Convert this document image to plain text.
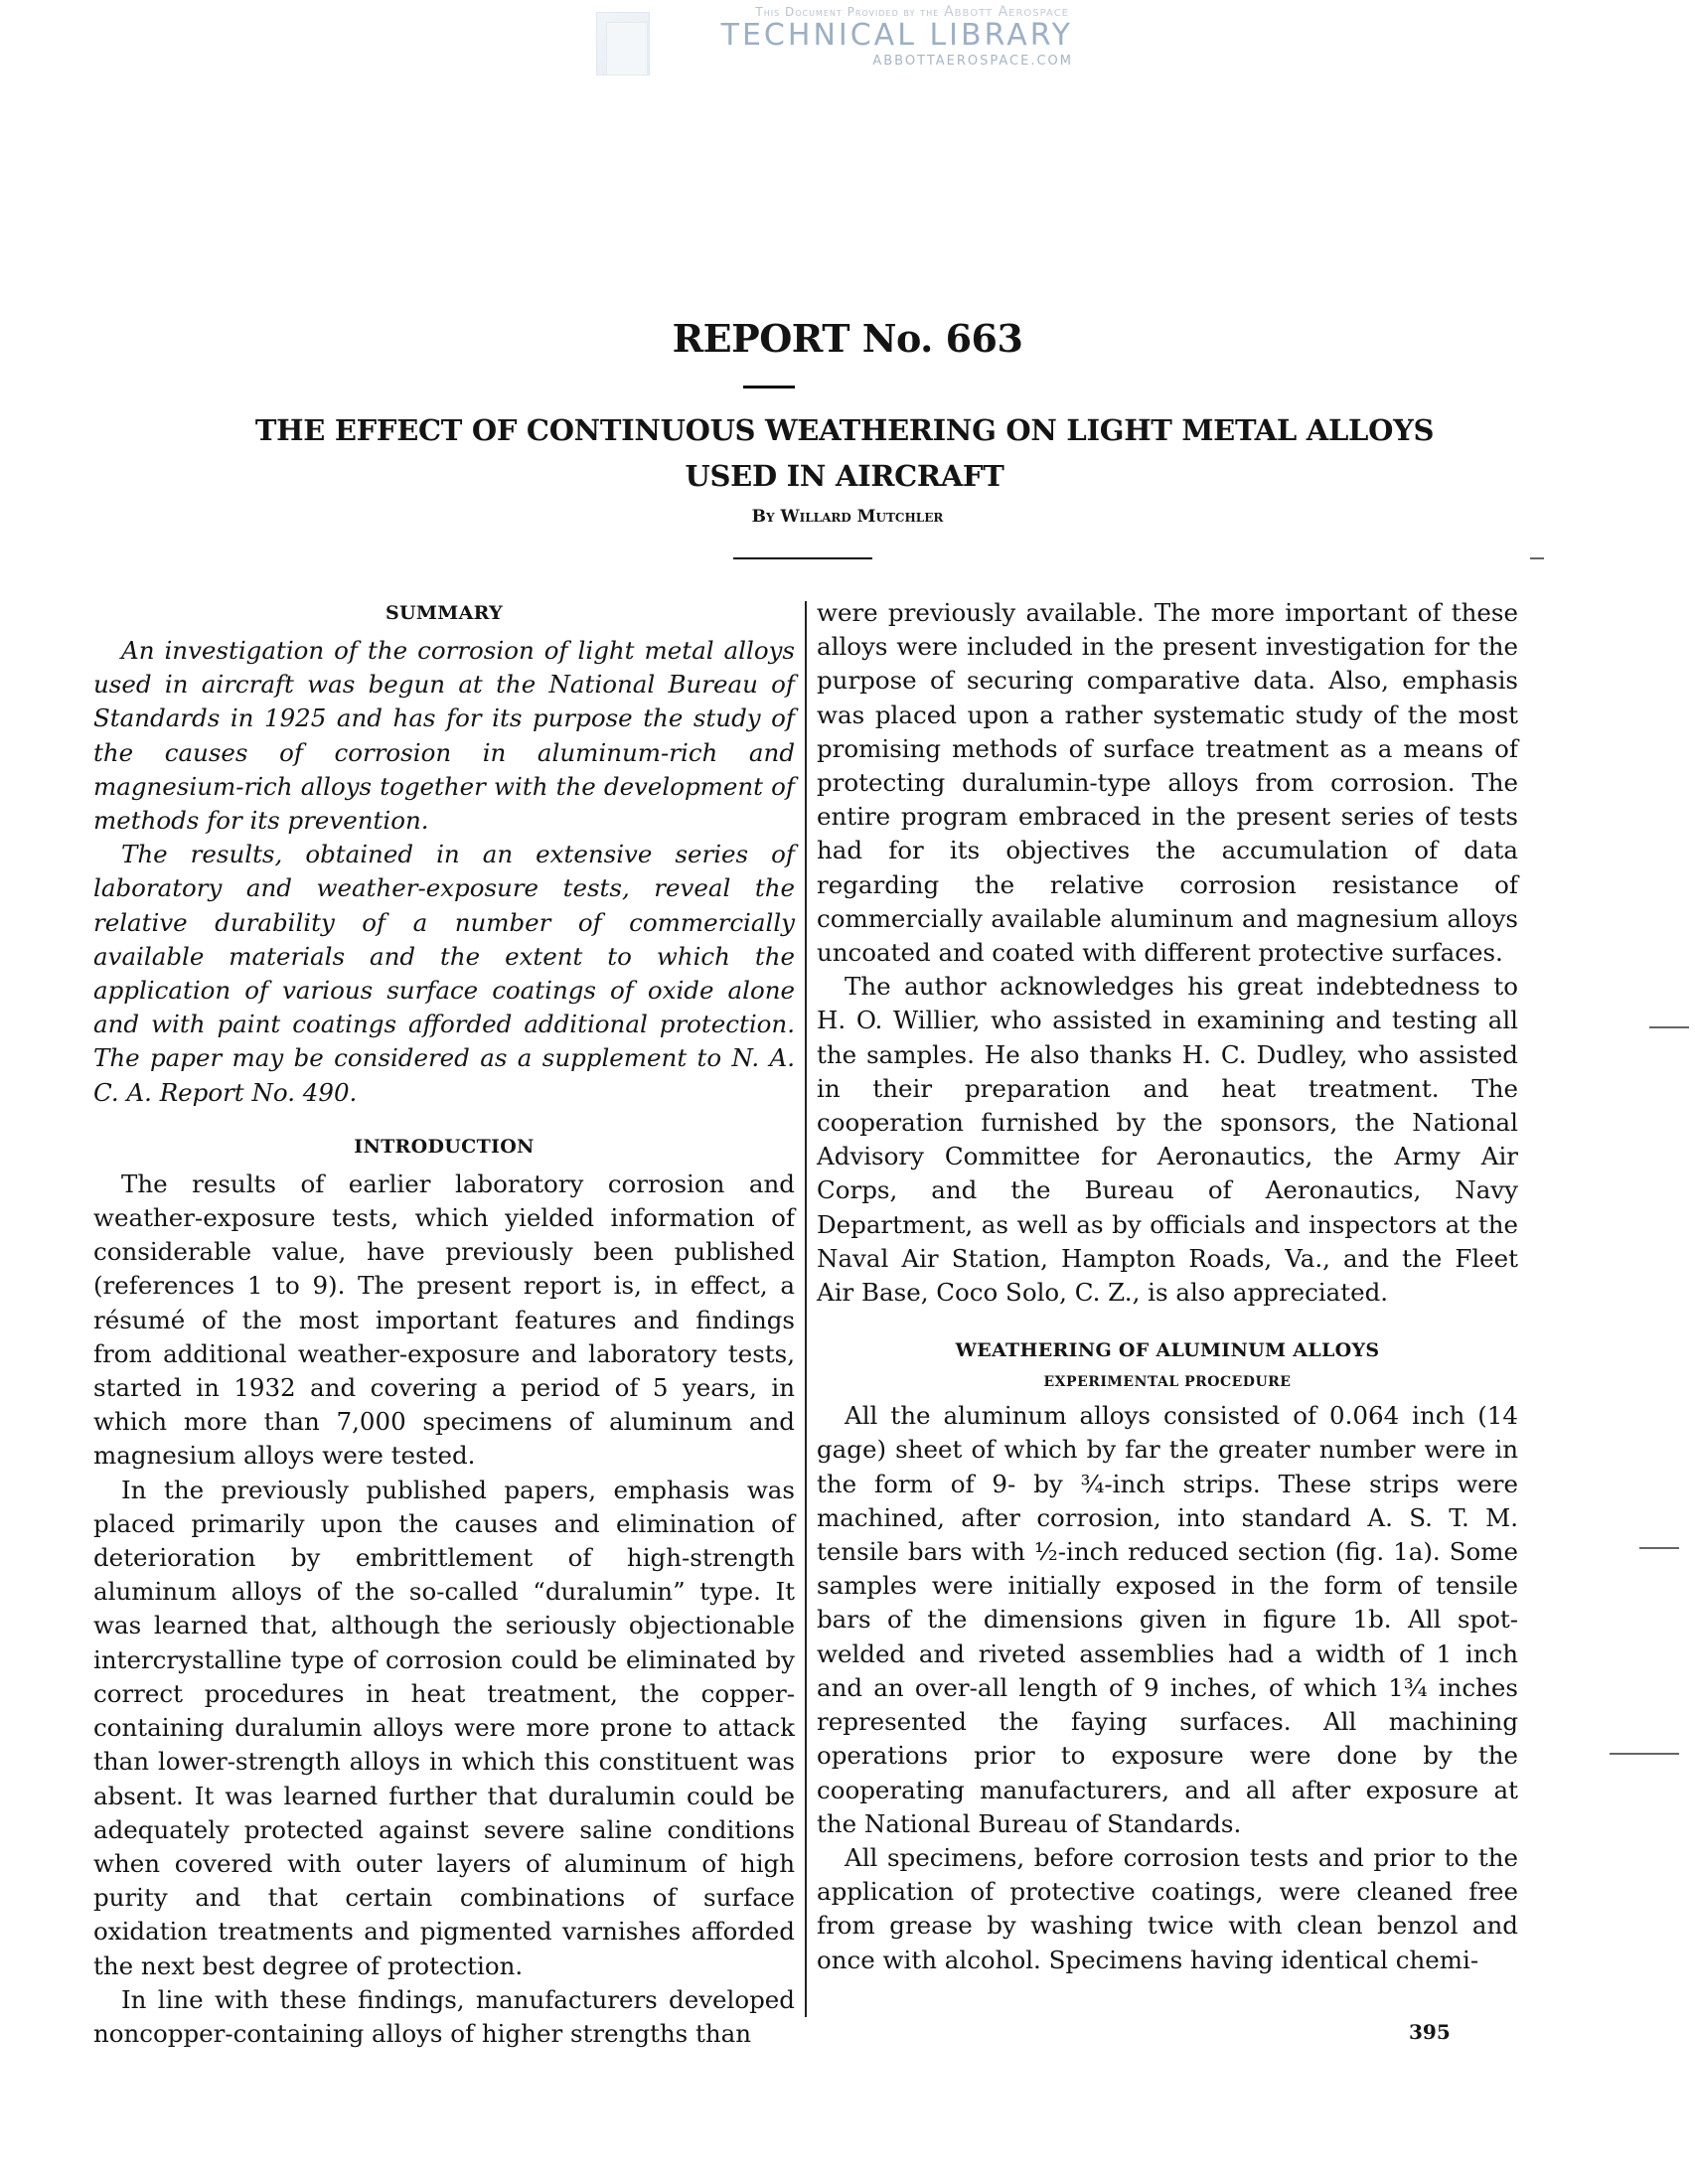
This Document Provided by the Abbott Aerospace
TECHNICAL LIBRARY
ABBOTTAEROSPACE.COM
REPORT No. 663
THE EFFECT OF CONTINUOUS WEATHERING ON LIGHT METAL ALLOYS
USED IN AIRCRAFT
By Willard Mutchler
SUMMARY

An investigation of the corrosion of light metal alloys used in aircraft was begun at the National Bureau of Standards in 1925 and has for its purpose the study of the causes of corrosion in aluminum-rich and magnesium-rich alloys together with the development of methods for its prevention.

The results, obtained in an extensive series of laboratory and weather-exposure tests, reveal the relative durability of a number of commercially available materials and the extent to which the application of various surface coatings of oxide alone and with paint coatings afforded additional protection. The paper may be considered as a supplement to N. A. C. A. Report No. 490.

INTRODUCTION

The results of earlier laboratory corrosion and weather-exposure tests, which yielded information of considerable value, have previously been published (references 1 to 9). The present report is, in effect, a résumé of the most important features and findings from additional weather-exposure and laboratory tests, started in 1932 and covering a period of 5 years, in which more than 7,000 specimens of aluminum and magnesium alloys were tested.

In the previously published papers, emphasis was placed primarily upon the causes and elimination of deterioration by embrittlement of high-strength aluminum alloys of the so-called “duralumin” type. It was learned that, although the seriously objectionable intercrystalline type of corrosion could be eliminated by correct procedures in heat treatment, the copper-containing duralumin alloys were more prone to attack than lower-strength alloys in which this constituent was absent. It was learned further that duralumin could be adequately protected against severe saline conditions when covered with outer layers of aluminum of high purity and that certain combinations of surface oxidation treatments and pigmented varnishes afforded the next best degree of protection.

In line with these findings, manufacturers developed noncopper-containing alloys of higher strengths than

were previously available. The more important of these alloys were included in the present investigation for the purpose of securing comparative data. Also, emphasis was placed upon a rather systematic study of the most promising methods of surface treatment as a means of protecting duralumin-type alloys from corrosion. The entire program embraced in the present series of tests had for its objectives the accumulation of data regarding the relative corrosion resistance of commercially available aluminum and magnesium alloys uncoated and coated with different protective surfaces.

The author acknowledges his great indebtedness to H. O. Willier, who assisted in examining and testing all the samples. He also thanks H. C. Dudley, who assisted in their preparation and heat treatment. The cooperation furnished by the sponsors, the National Advisory Committee for Aeronautics, the Army Air Corps, and the Bureau of Aeronautics, Navy Department, as well as by officials and inspectors at the Naval Air Station, Hampton Roads, Va., and the Fleet Air Base, Coco Solo, C. Z., is also appreciated.

WEATHERING OF ALUMINUM ALLOYS
EXPERIMENTAL PROCEDURE

All the aluminum alloys consisted of 0.064 inch (14 gage) sheet of which by far the greater number were in the form of 9- by ¾-inch strips. These strips were machined, after corrosion, into standard A. S. T. M. tensile bars with ½-inch reduced section (fig. 1a). Some samples were initially exposed in the form of tensile bars of the dimensions given in figure 1b. All spot-welded and riveted assemblies had a width of 1 inch and an over-all length of 9 inches, of which 1¾ inches represented the faying surfaces. All machining operations prior to exposure were done by the cooperating manufacturers, and all after exposure at the National Bureau of Standards.

All specimens, before corrosion tests and prior to the application of protective coatings, were cleaned free from grease by washing twice with clean benzol and once with alcohol. Specimens having identical chemi-

395
